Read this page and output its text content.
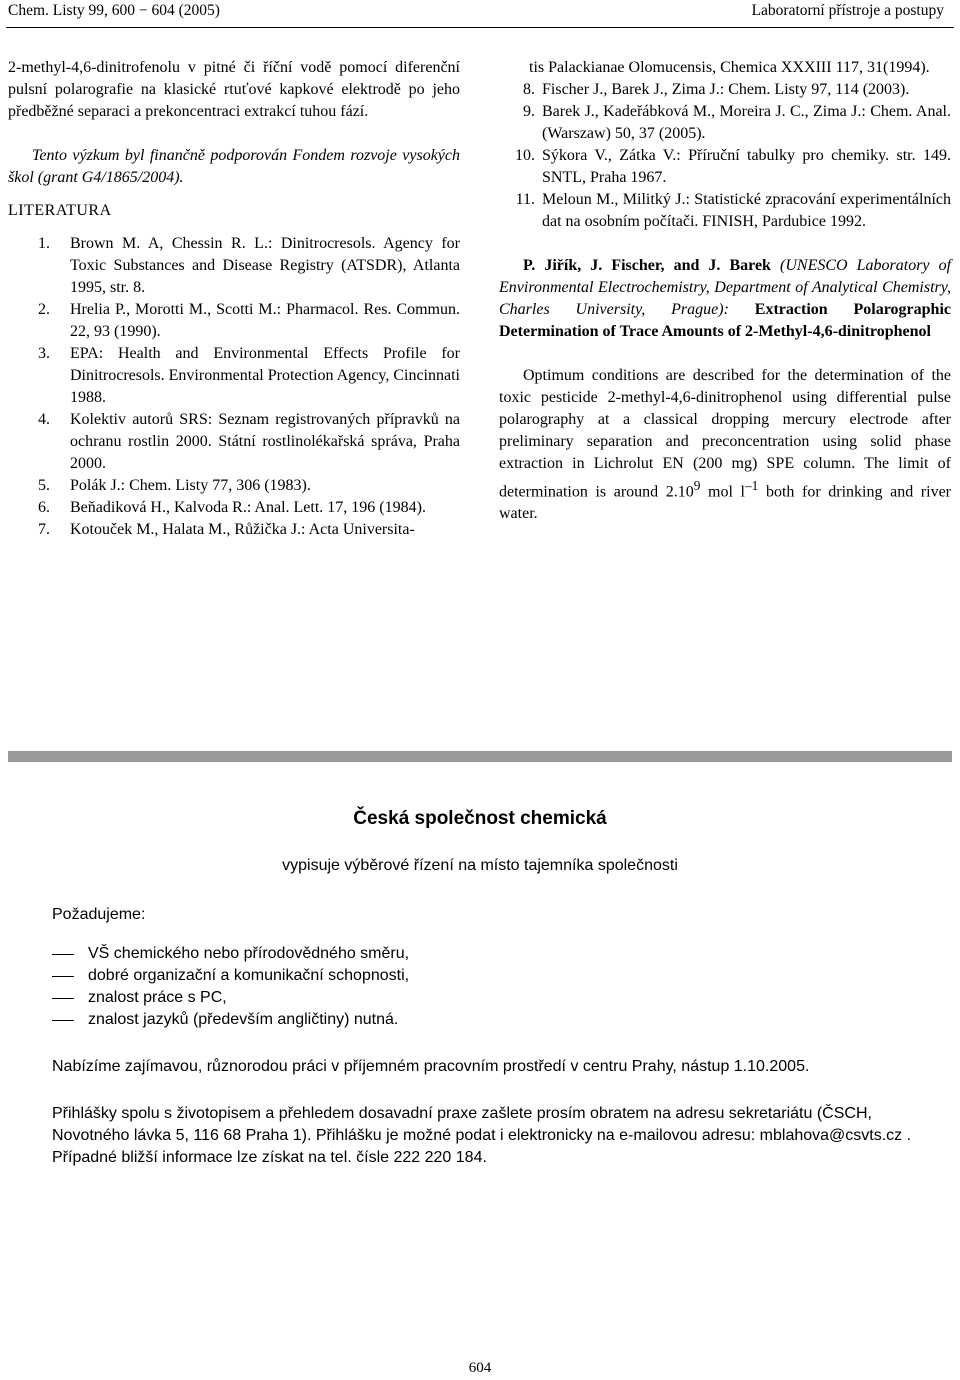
Chem. Listy 99, 600 − 604 (2005)	Laboratorní přístroje a postupy
2-methyl-4,6-dinitrofenolu v pitné či říční vodě pomocí diferenční pulsní polarografie na klasické rtuťové kapkové elektrodě po jeho předběžné separaci a prekoncentraci extrakcí tuhou fází.
Tento výzkum byl finančně podporován Fondem rozvoje vysokých škol (grant G4/1865/2004).
LITERATURA
1.	Brown M. A, Chessin R. L.: Dinitrocresols. Agency for Toxic Substances and Disease Registry (ATSDR), Atlanta 1995, str. 8.
2.	Hrelia P., Morotti M., Scotti M.: Pharmacol. Res. Commun. 22, 93 (1990).
3.	EPA: Health and Environmental Effects Profile for Dinitrocresols. Environmental Protection Agency, Cincinnati 1988.
4.	Kolektiv autorů SRS: Seznam registrovaných přípravků na ochranu rostlin 2000. Státní rostlinolékařská správa, Praha 2000.
5.	Polák J.: Chem. Listy 77, 306 (1983).
6.	Beňadiková H., Kalvoda R.: Anal. Lett. 17, 196 (1984).
7.	Kotouček M., Halata M., Růžička J.: Acta Universita-
tis Palackianae Olomucensis, Chemica XXXIII 117, 31(1994).
8. Fischer J., Barek J., Zima J.: Chem. Listy 97, 114 (2003).
9. Barek J., Kadeřábková M., Moreira J. C., Zima J.: Chem. Anal. (Warszaw) 50, 37 (2005).
10. Sýkora V., Zátka V.: Příruční tabulky pro chemiky. str. 149. SNTL, Praha 1967.
11. Meloun M., Militký J.: Statistické zpracování experimentálních dat na osobním počítači. FINISH, Pardubice 1992.
P. Jiřík, J. Fischer, and J. Barek (UNESCO Laboratory of Environmental Electrochemistry, Department of Analytical Chemistry, Charles University, Prague): Extraction Polarographic Determination of Trace Amounts of 2-Methyl-4,6-dinitrophenol
Optimum conditions are described for the determination of the toxic pesticide 2-methyl-4,6-dinitrophenol using differential pulse polarography at a classical dropping mercury electrode after preliminary separation and preconcentration using solid phase extraction in Lichrolut EN (200 mg) SPE column. The limit of determination is around 2.10$^9$ mol $l^{-1}$ both for drinking and river water.
Česká společnost chemická
vypisuje výběrové řízení na místo tajemníka společnosti
Požadujeme:
VŠ chemického nebo přírodovědného směru,
dobré organizační a komunikační schopnosti,
znalost práce s PC,
znalost jazyků (především angličtiny) nutná.
Nabízíme zajímavou, různorodou práci v příjemném pracovním prostředí v centru Prahy, nástup 1.10.2005.
Přihlášky spolu s životopisem a přehledem dosavadní praxe zašlete prosím obratem na adresu sekretariátu (ČSCH, Novotného lávka 5, 116 68 Praha 1). Přihlášku je možné podat i elektronicky na e-mailovou adresu: mblahova@csvts.cz . Případné bližší informace lze získat na tel. čísle 222 220 184.
604
